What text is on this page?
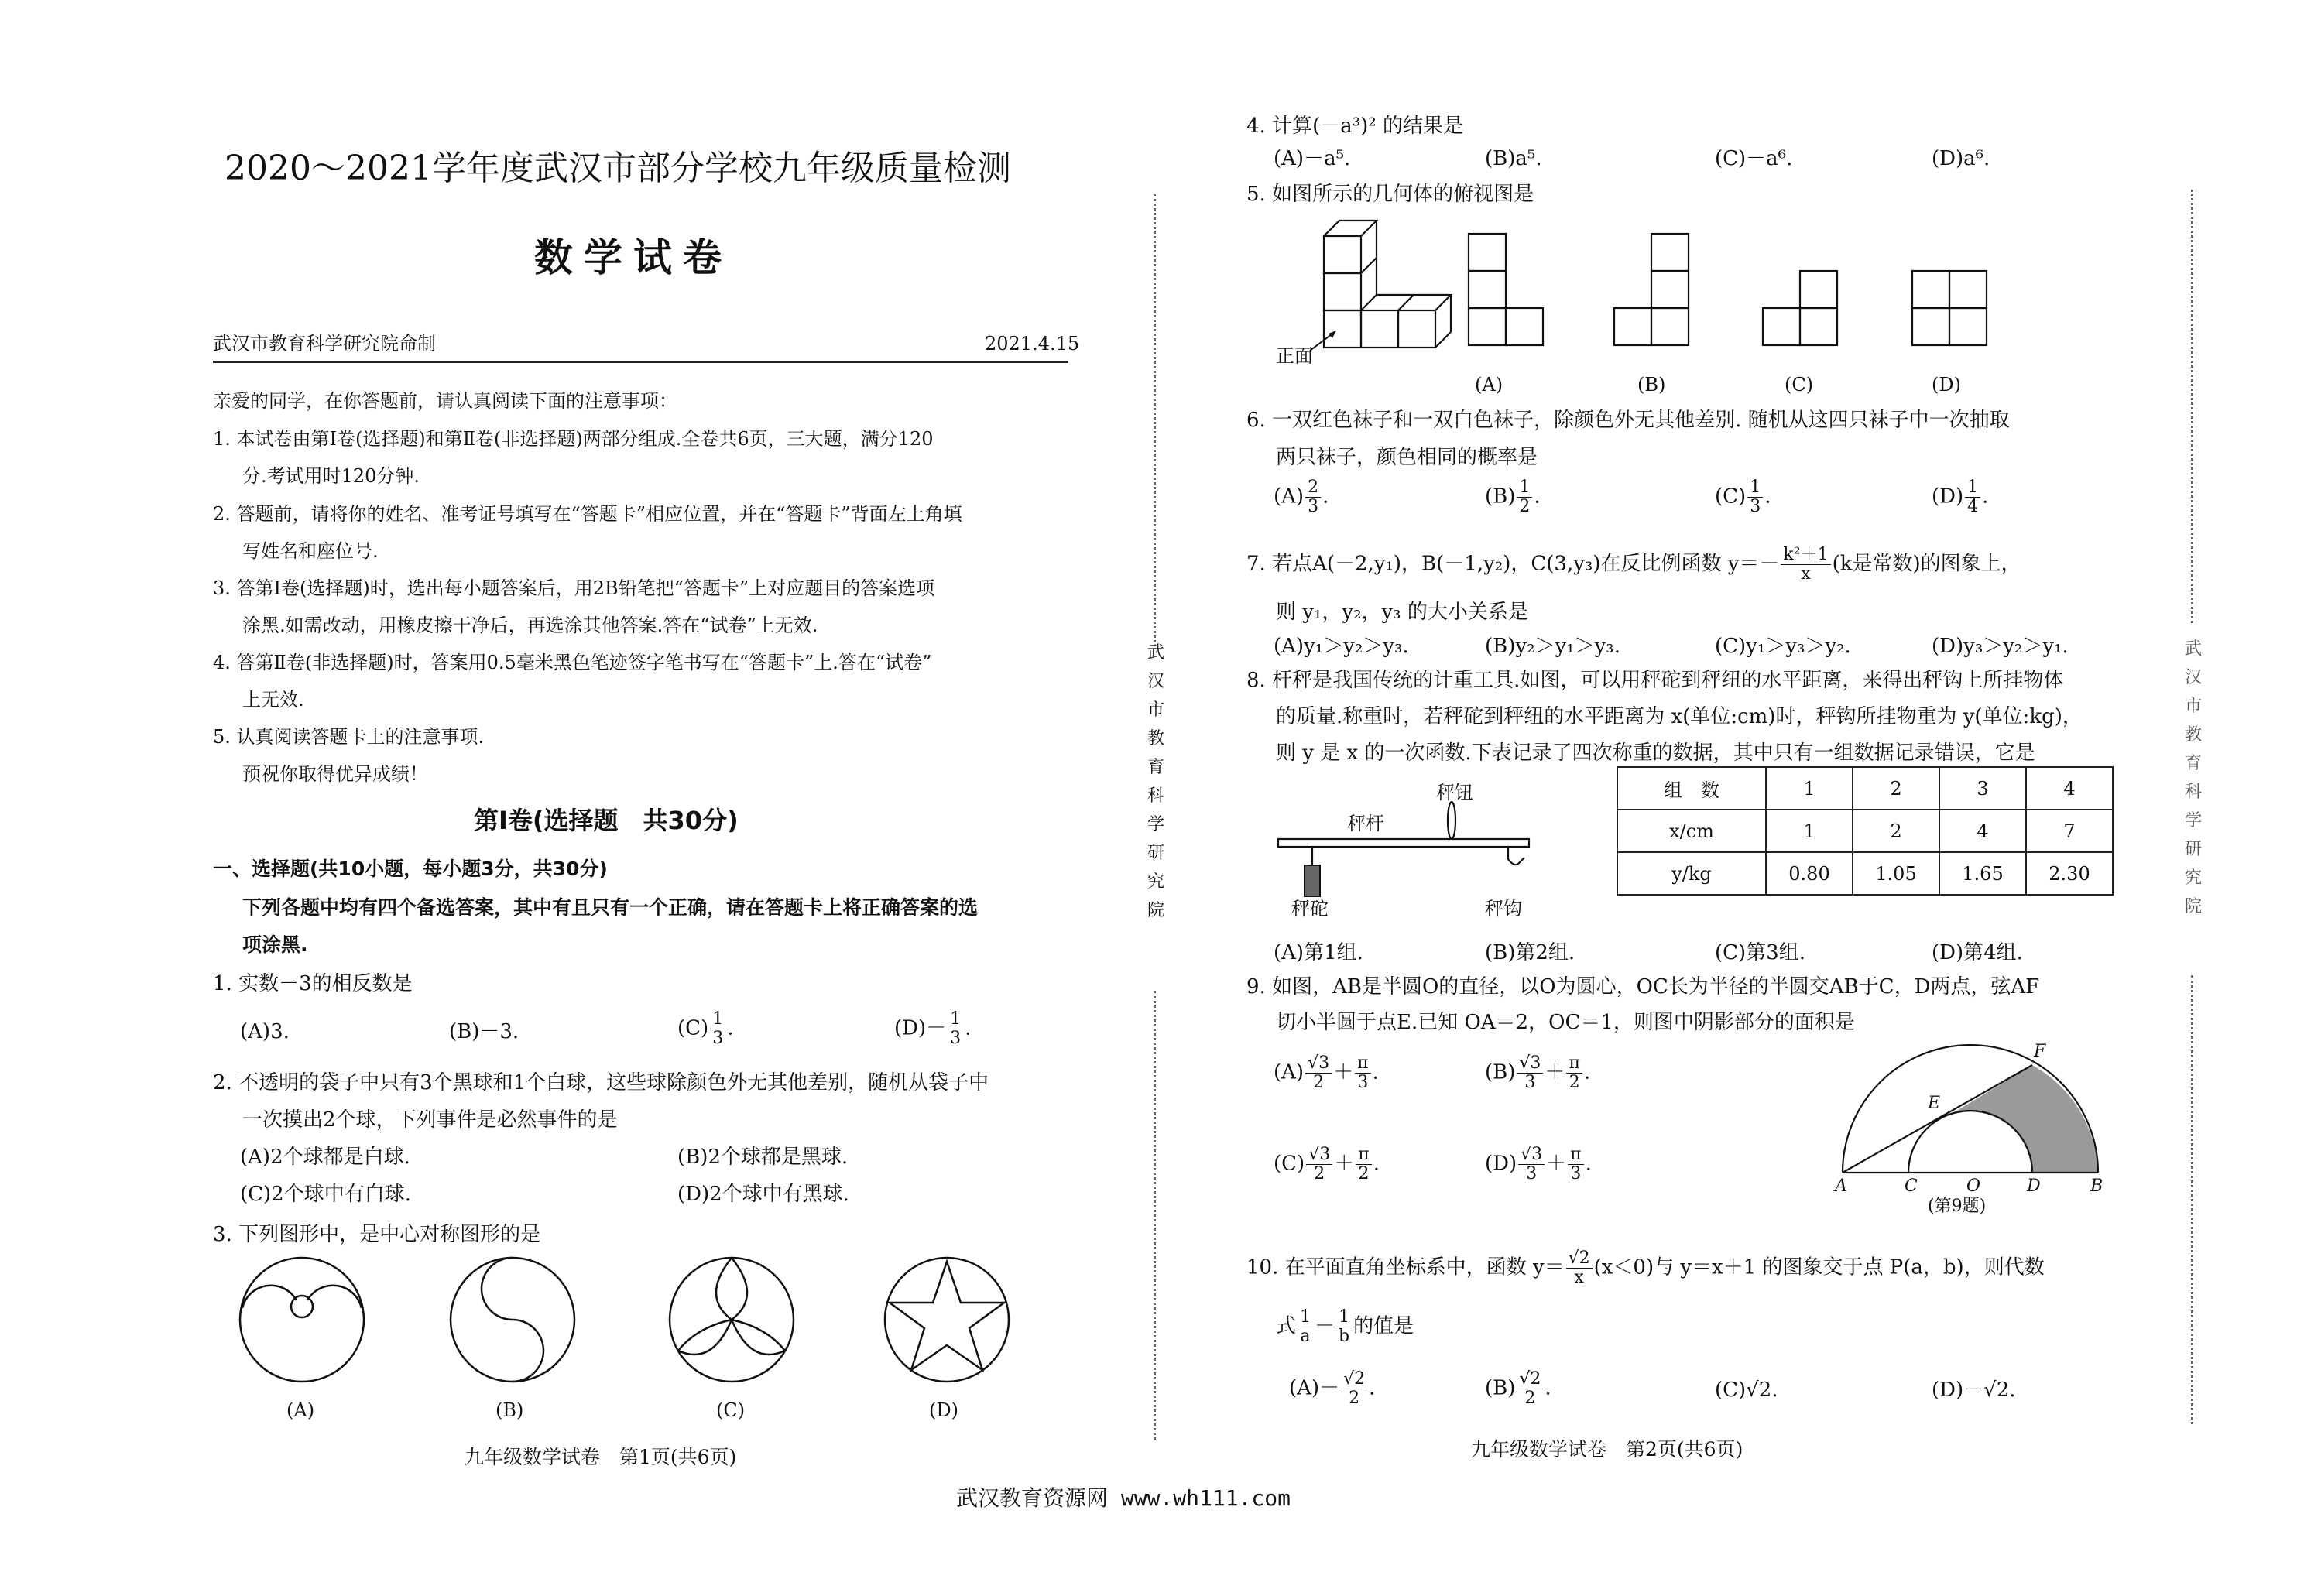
2020～2021学年度武汉市部分学校九年级质量检测
数学试卷
武汉市教育科学研究院命制	2021.4.15
亲爱的同学，在你答题前，请认真阅读下面的注意事项：
1. 本试卷由第Ⅰ卷(选择题)和第Ⅱ卷(非选择题)两部分组成.全卷共6页，三大题，满分120
分.考试用时120分钟.
2. 答题前，请将你的姓名、准考证号填写在“答题卡”相应位置，并在“答题卡”背面左上角填
写姓名和座位号.
3. 答第Ⅰ卷(选择题)时，选出每小题答案后，用2B铅笔把“答题卡”上对应题目的答案选项
涂黑.如需改动，用橡皮擦干净后，再选涂其他答案.答在“试卷”上无效.
4. 答第Ⅱ卷(非选择题)时，答案用0.5毫米黑色笔迹签字笔书写在“答题卡”上.答在“试卷”
上无效.
5. 认真阅读答题卡上的注意事项.
预祝你取得优异成绩！
第Ⅰ卷(选择题　共30分)
一、选择题(共10小题，每小题3分，共30分)
下列各题中均有四个备选答案，其中有且只有一个正确，请在答题卡上将正确答案的选
项涂黑.
1. 实数－3的相反数是
(A)3.	(B)－3.	$(C) \frac{1}{3}$ .	$(D)- \frac{1}{3}$ .
2. 不透明的袋子中只有3个黑球和1个白球，这些球除颜色外无其他差别，随机从袋子中
一次摸出2个球，下列事件是必然事件的是
(A)2个球都是白球.	(B)2个球都是黑球.
(C)2个球中有白球.	(D)2个球中有黑球.
3. 下列图形中，是中心对称图形的是
(A)	(B)	(C)	(D)
九年级数学试卷　第1页(共6页)
武汉市教育科学研究院
武汉市教育科学研究院
4. 计算(－a³)² 的结果是
(A)－a⁵.	(B)a⁵.	(C)－a⁶.	(D)a⁶.
5. 如图所示的几何体的俯视图是
正面
(A)	(B)	(C)	(D)
6. 一双红色袜子和一双白色袜子，除颜色外无其他差别. 随机从这四只袜子中一次抽取
两只袜子，颜色相同的概率是
$(A) \frac{2}{3}$ .	$(B) \frac{1}{2}$ .	$(C) \frac{1}{3}$ .	$(D) \frac{1}{4}$ .
7. 若点A(－2,y₁)，B(－1,y₂)，C(3,y₃)在反比例函数 $y=- \frac{\text{k²＋1}}{x} (k$是常数)的图象上，
则 y₁，y₂，y₃ 的大小关系是
(A)y₁＞y₂＞y₃.	(B)y₂＞y₁＞y₃.	(C)y₁＞y₃＞y₂.	(D)y₃＞y₂＞y₁.
8. 杆秤是我国传统的计重工具.如图，可以用秤砣到秤纽的水平距离，来得出秤钩上所挂物体
的质量.称重时，若秤砣到秤纽的水平距离为 x(单位:cm)时，秤钩所挂物重为 y(单位:kg)，
则 y 是 x 的一次函数.下表记录了四次称重的数据，其中只有一组数据记录错误，它是
秤钮
秤杆
秤砣	秤钩
组　数	1	2	3	4
x/cm	1	2	4	7
y/kg	0.80	1.05	1.65	2.30
(A)第1组.	(B)第2组.	(C)第3组.	(D)第4组.
9. 如图，AB是半圆O的直径，以O为圆心，OC长为半径的半圆交AB于C，D两点，弦AF
切小半圆于点E.已知 OA＝2，OC＝1，则图中阴影部分的面积是
$(A) \frac{√3}{2} + \frac{\pi}{3}$ .	$(B) \frac{√3}{3} + \frac{\pi}{2}$ .
$(C) \frac{√3}{2} + \frac{\pi}{2}$ .	$(D) \frac{√3}{3} + \frac{\pi}{3}$ .
A	C	O	D	B
E
F
(第9题)
10. 在平面直角坐标系中，函数 $y= \frac{√2}{x} (x<0)$与 y＝x＋1 的图象交于点 P(a，b)，则代数
式 $\frac{1}{a} - \frac{1}{b}$ 的值是
$(A)- \frac{√2}{2}$ .	$(B) \frac{√2}{2}$ .	(C)√2.	(D)－√2.
九年级数学试卷　第2页(共6页)
武汉教育资源网 www.wh111.com
